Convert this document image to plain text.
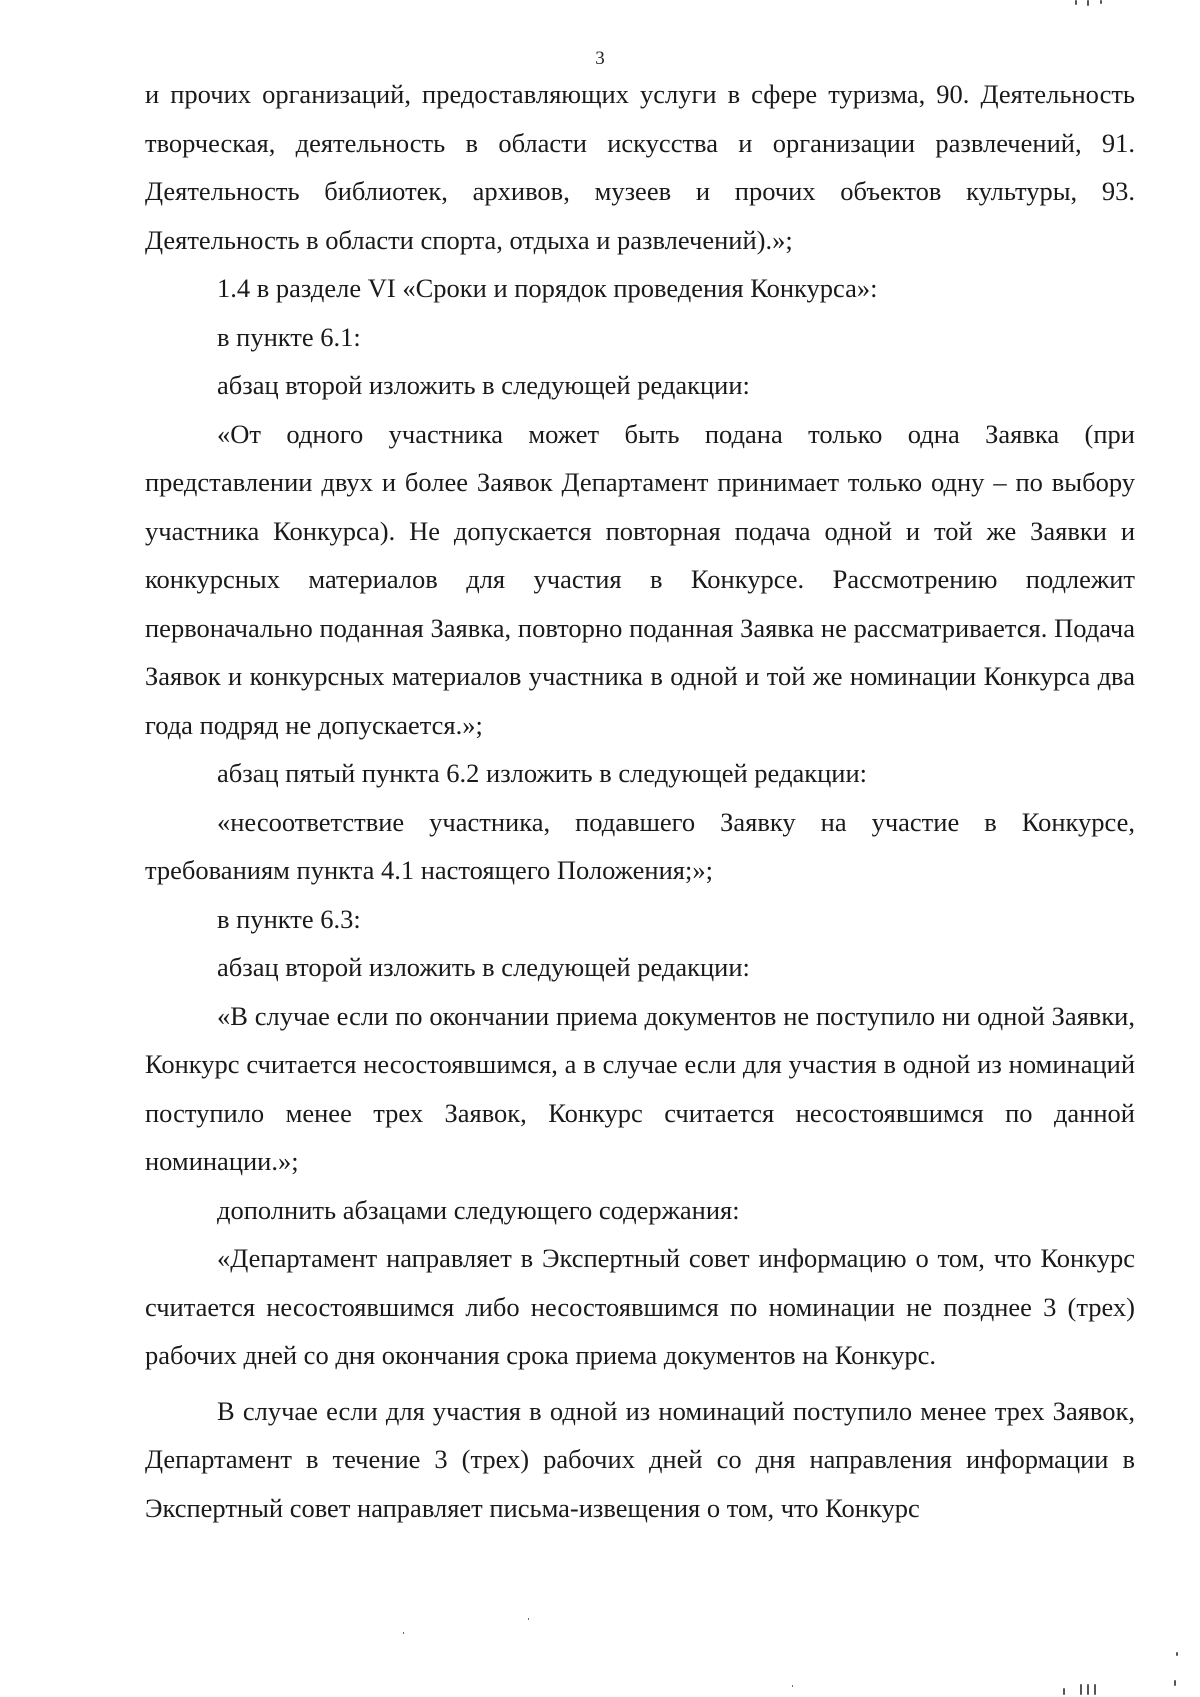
3

и прочих организаций, предоставляющих услуги в сфере туризма, 90. Деятельность творческая, деятельность в области искусства и организации развлечений, 91. Деятельность библиотек, архивов, музеев и прочих объектов культуры, 93. Деятельность в области спорта, отдыха и развлечений).»;

1.4 в разделе VI «Сроки и порядок проведения Конкурса»:

в пункте 6.1:

абзац второй изложить в следующей редакции:

«От одного участника может быть подана только одна Заявка (при представлении двух и более Заявок Департамент принимает только одну – по выбору участника Конкурса). Не допускается повторная подача одной и той же Заявки и конкурсных материалов для участия в Конкурсе. Рассмотрению подлежит первоначально поданная Заявка, повторно поданная Заявка не рассматривается. Подача Заявок и конкурсных материалов участника в одной и той же номинации Конкурса два года подряд не допускается.»;

абзац пятый пункта 6.2 изложить в следующей редакции:

«несоответствие участника, подавшего Заявку на участие в Конкурсе, требованиям пункта 4.1 настоящего Положения;»;

в пункте 6.3:

абзац второй изложить в следующей редакции:

«В случае если по окончании приема документов не поступило ни одной Заявки, Конкурс считается несостоявшимся, а в случае если для участия в одной из номинаций поступило менее трех Заявок, Конкурс считается несостоявшимся по данной номинации.»;

дополнить абзацами следующего содержания:

«Департамент направляет в Экспертный совет информацию о том, что Конкурс считается несостоявшимся либо несостоявшимся по номинации не позднее 3 (трех) рабочих дней со дня окончания срока приема документов на Конкурс.

В случае если для участия в одной из номинаций поступило менее трех Заявок, Департамент в течение 3 (трех) рабочих дней со дня направления информации в Экспертный совет направляет письма-извещения о том, что Конкурс
